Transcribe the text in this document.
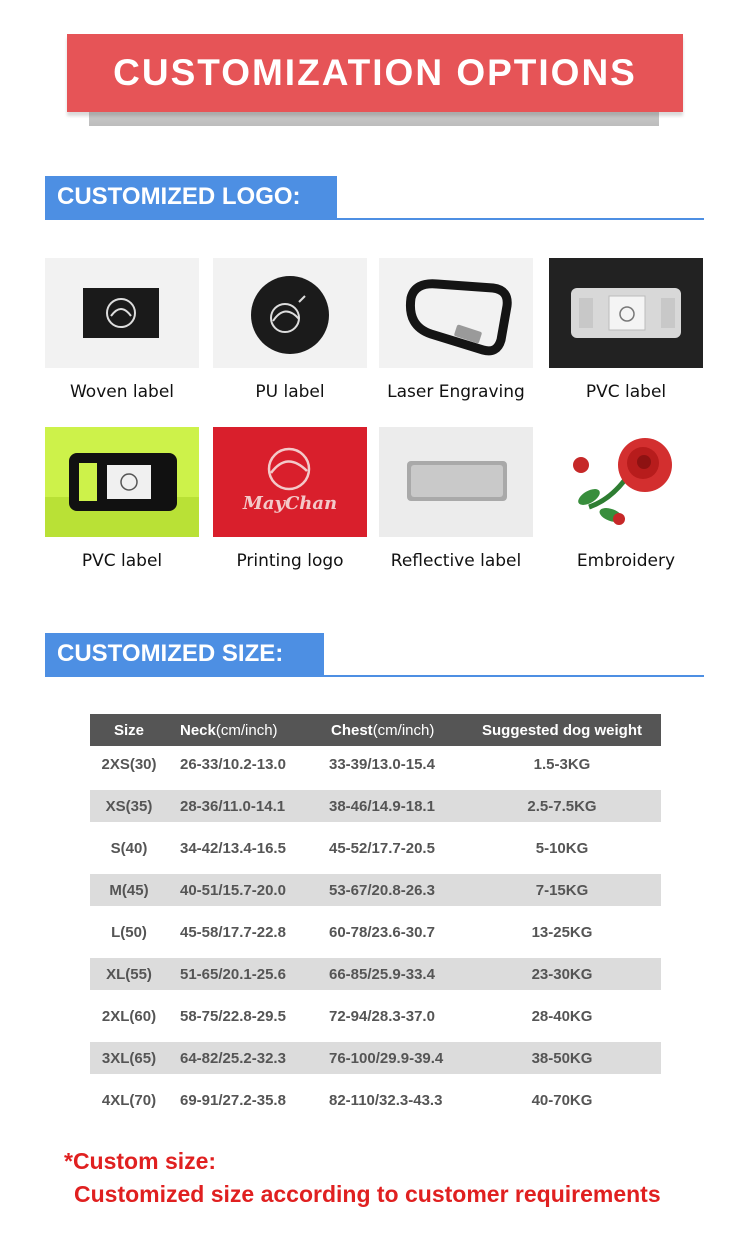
CUSTOMIZATION OPTIONS
CUSTOMIZED LOGO:
Woven label	PU label	Laser Engraving	PVC label
PVC label
MayChan
Printing logo	Reflective label	Embroidery
CUSTOMIZED SIZE:
Size	Neck(cm/inch)	Chest(cm/inch)	Suggested dog weight
2XS(30)	26-33/10.2-13.0	33-39/13.0-15.4	1.5-3KG
XS(35)	28-36/11.0-14.1	38-46/14.9-18.1	2.5-7.5KG
S(40)	34-42/13.4-16.5	45-52/17.7-20.5	5-10KG
M(45)	40-51/15.7-20.0	53-67/20.8-26.3	7-15KG
L(50)	45-58/17.7-22.8	60-78/23.6-30.7	13-25KG
XL(55)	51-65/20.1-25.6	66-85/25.9-33.4	23-30KG
2XL(60)	58-75/22.8-29.5	72-94/28.3-37.0	28-40KG
3XL(65)	64-82/25.2-32.3	76-100/29.9-39.4	38-50KG
4XL(70)	69-91/27.2-35.8	82-110/32.3-43.3	40-70KG
*Custom size:
Customized size according to customer requirements
